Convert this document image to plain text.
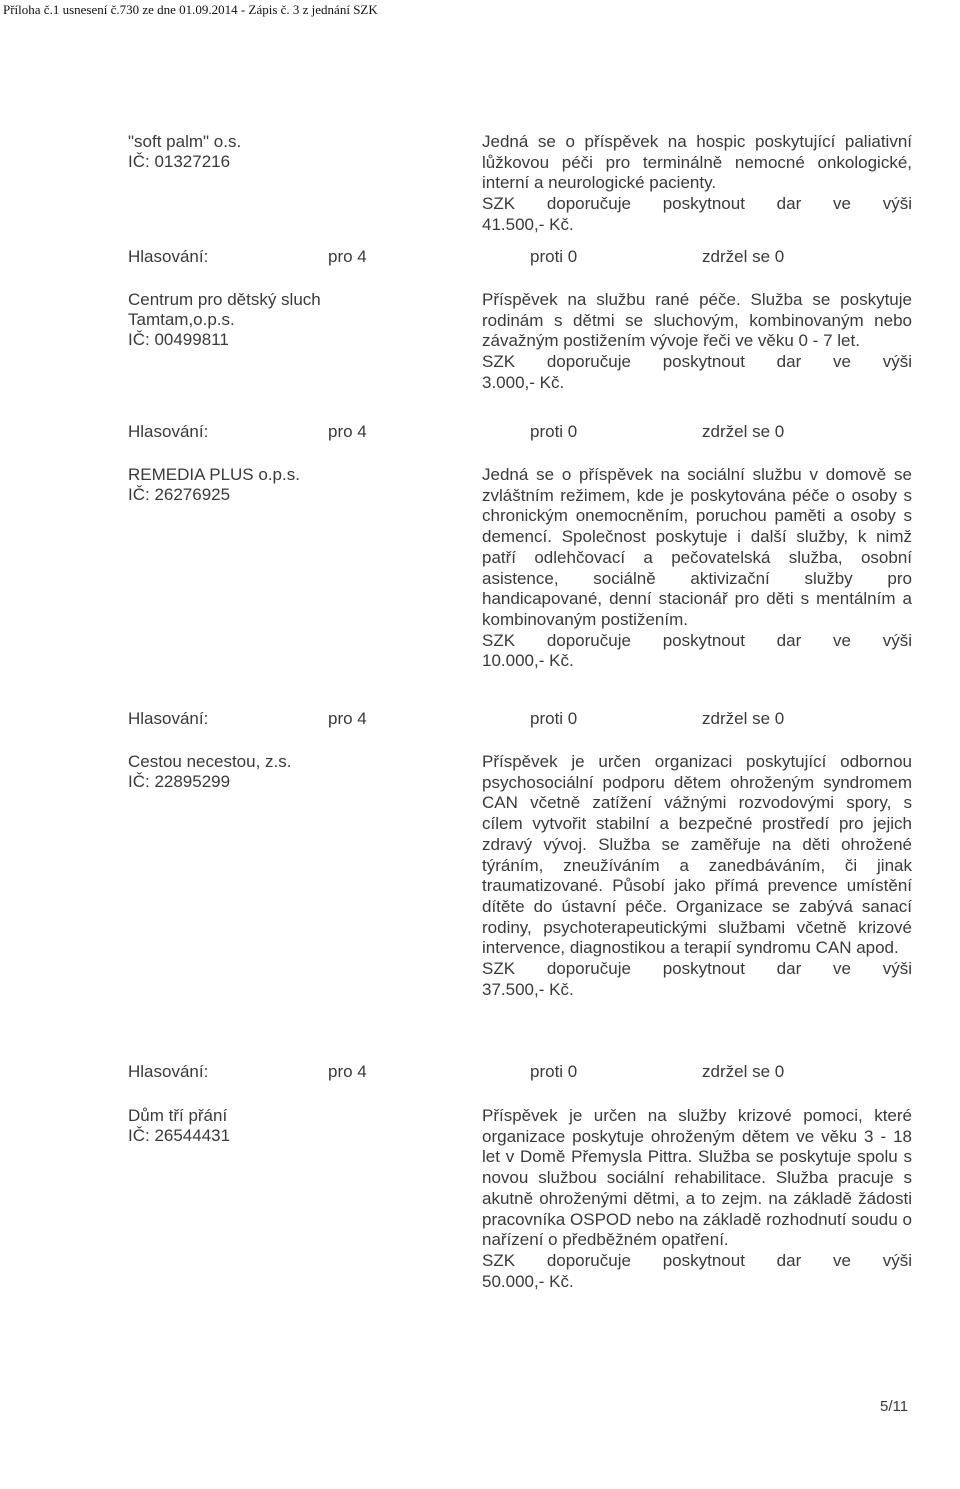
Příloha č.1 usnesení č.730 ze dne 01.09.2014 - Zápis č. 3 z jednání SZK
"soft palm" o.s.
IČ: 01327216

Jedná se o příspěvek na hospic poskytující paliativní lůžkovou péči pro terminálně nemocné onkologické, interní a neurologické pacienty.

SZK doporučuje poskytnout dar ve výši

41.500,- Kč.

Hlasování:	pro 4	proti 0	zdržel se 0
Centrum pro dětský sluch
Tamtam,o.p.s.
IČ: 00499811

Příspěvek na službu rané péče. Služba se poskytuje rodinám s dětmi se sluchovým, kombinovaným nebo závažným postižením vývoje řeči ve věku 0 - 7 let.

SZK doporučuje poskytnout dar ve výši

3.000,- Kč.

Hlasování:	pro 4	proti 0	zdržel se 0
REMEDIA PLUS o.p.s.
IČ: 26276925

Jedná se o příspěvek na sociální službu v domově se zvláštním režimem, kde je poskytována péče o osoby s chronickým onemocněním, poruchou paměti a osoby s demencí. Společnost poskytuje i další služby, k nimž patří odlehčovací a pečovatelská služba, osobní asistence, sociálně aktivizační služby pro handicapované, denní stacionář pro děti s mentálním a kombinovaným postižením.

SZK doporučuje poskytnout dar ve výši

10.000,- Kč.

Hlasování:	pro 4	proti 0	zdržel se 0
Cestou necestou, z.s.
IČ: 22895299

Příspěvek je určen organizaci poskytující odbornou psychosociální podporu dětem ohroženým syndromem CAN včetně zatížení vážnými rozvodovými spory, s cílem vytvořit stabilní a bezpečné prostředí pro jejich zdravý vývoj. Služba se zaměřuje na děti ohrožené týráním, zneužíváním a zanedbáváním, či jinak traumatizované. Působí jako přímá prevence umístění dítěte do ústavní péče. Organizace se zabývá sanací rodiny, psychoterapeutickými službami včetně krizové intervence, diagnostikou a terapií syndromu CAN apod.

SZK doporučuje poskytnout dar ve výši

37.500,- Kč.

Hlasování:	pro 4	proti 0	zdržel se 0
Dům tří přání
IČ: 26544431

Příspěvek je určen na služby krizové pomoci, které organizace poskytuje ohroženým dětem ve věku 3 - 18 let v Domě Přemysla Pittra. Služba se poskytuje spolu s novou službou sociální rehabilitace. Služba pracuje s akutně ohroženými dětmi, a to zejm. na základě žádosti pracovníka OSPOD nebo na základě rozhodnutí soudu o nařízení o předběžném opatření.

SZK doporučuje poskytnout dar ve výši

50.000,- Kč.

5/11
